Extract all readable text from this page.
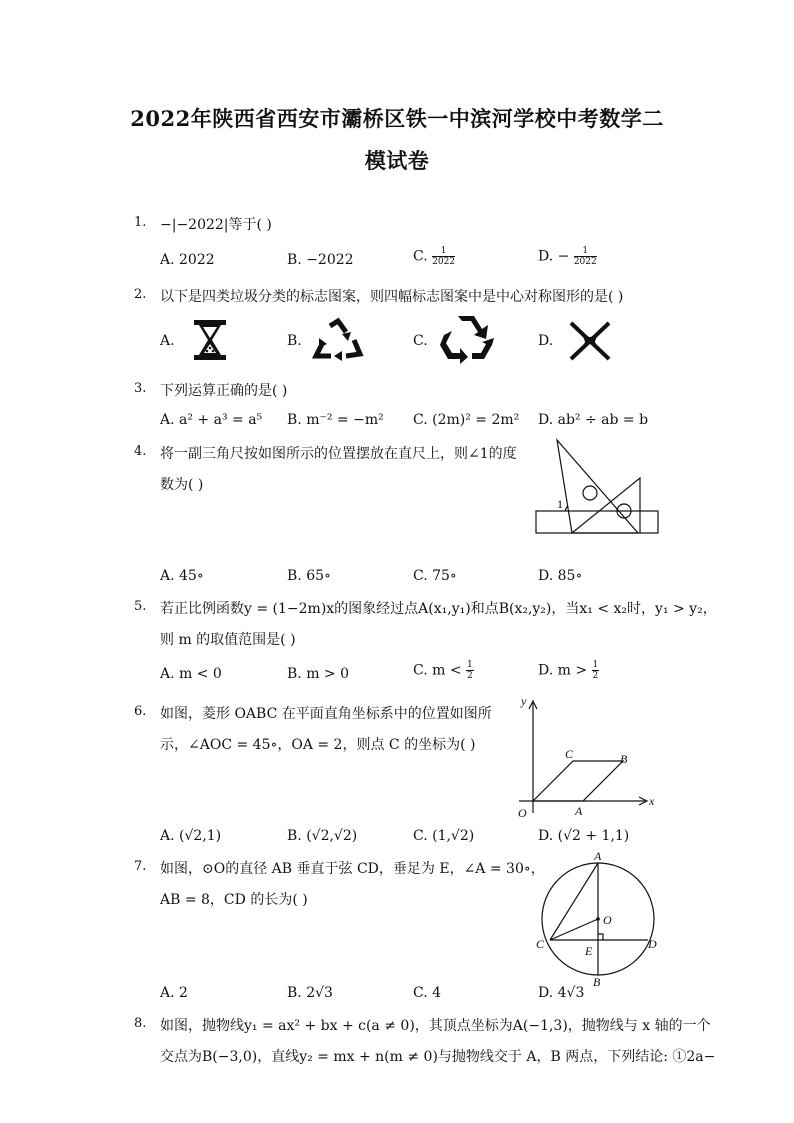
2022年陕西省西安市灞桥区铁一中滨河学校中考数学二
模试卷
1. −|−2022|等于( )
A. 2022	B. −2022	C. $\frac{1}{2022}$	D. − $\frac{1}{2022}$
2. 以下是四类垃圾分类的标志图案，则四幅标志图案中是中心对称图形的是( )
A.	B.	C.	D.
3. 下列运算正确的是( )
A. a² + a³ = a⁵ B. m⁻² = −m² C. (2m)² = 2m² D. ab² ÷ ab = b
4. 将一副三角尺按如图所示的位置摆放在直尺上，则∠1的度
数为( )
1
A. 45∘	B. 65∘	C. 75∘	D. 85∘
5. 若正比例函数y = (1−2m)x的图象经过点A(x₁,y₁)和点B(x₂,y₂)，当x₁ < x₂时，y₁ > y₂，
则 m 的取值范围是( )
A. m < 0	B. m > 0	C. $m < \frac{1}{2}$	D. $m > \frac{1}{2}$
6. 如图，菱形 OABC 在平面直角坐标系中的位置如图所
示，∠AOC = 45∘，OA = 2，则点 C 的坐标为( )
y
x
O	A
B
C
A. (√2,1)	B. (√2,√2)	C. (1,√2)	D. (√2 + 1,1)
7. 如图，⊙O的直径 AB 垂直于弦 CD，垂足为 E，∠A = 30∘，
AB = 8，CD 的长为( )
A
O
C	D
E
B
A. 2	B. 2√3	C. 4	D. 4√3
8. 如图，抛物线y₁ = ax² + bx + c(a ≠ 0)，其顶点坐标为A(−1,3)，抛物线与 x 轴的一个
交点为B(−3,0)，直线y₂ = mx + n(m ≠ 0)与抛物线交于 A，B 两点，下列结论: ①2a−
